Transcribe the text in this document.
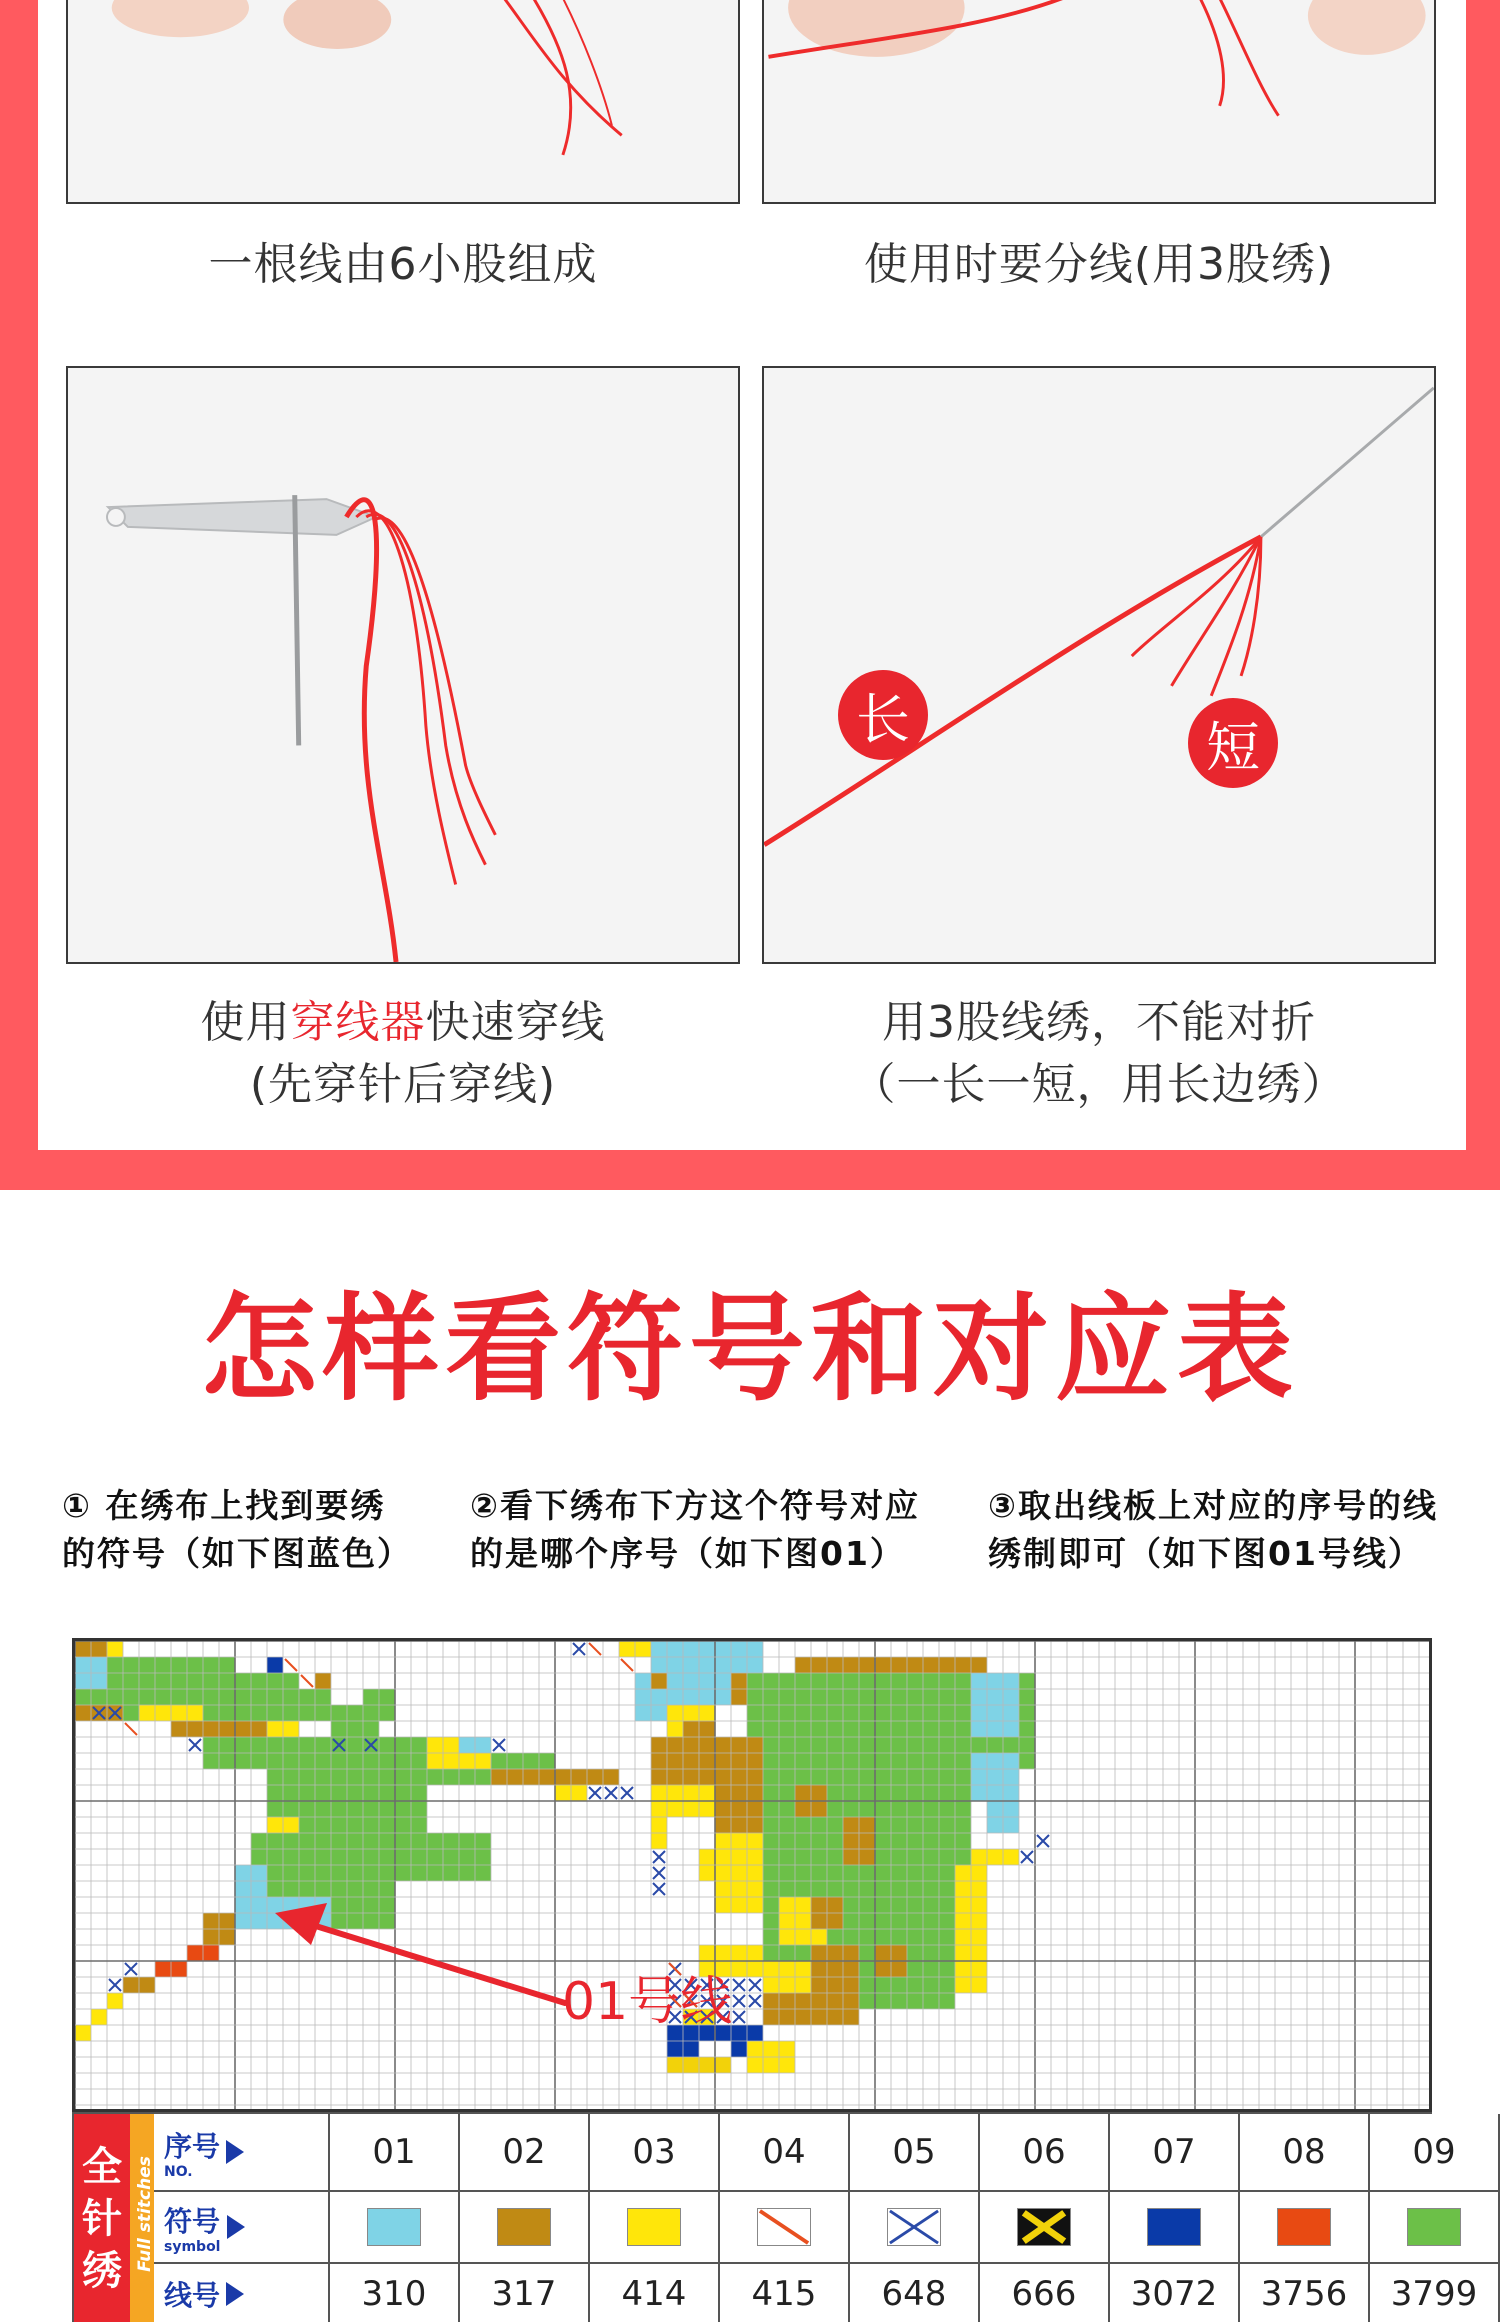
一根线由6小股组成	使用时要分线(用3股绣)
长	短
使用穿线器快速穿线
(先穿针后穿线)
用3股线绣，不能对折
（一长一短，用长边绣）
怎样看符号和对应表
① 在绣布上找到要绣
的符号（如下图蓝色）
②看下绣布下方这个符号对应
的是哪个序号（如下图01）
③取出线板上对应的序号的线
绣制即可（如下图01号线）
01号线
全
针
绣 Full stitches
序号
NO.	01	02	03	04	05	06	07	08	09
符号
symbol
线号	310	317	414	415	648	666	3072	3756	3799
